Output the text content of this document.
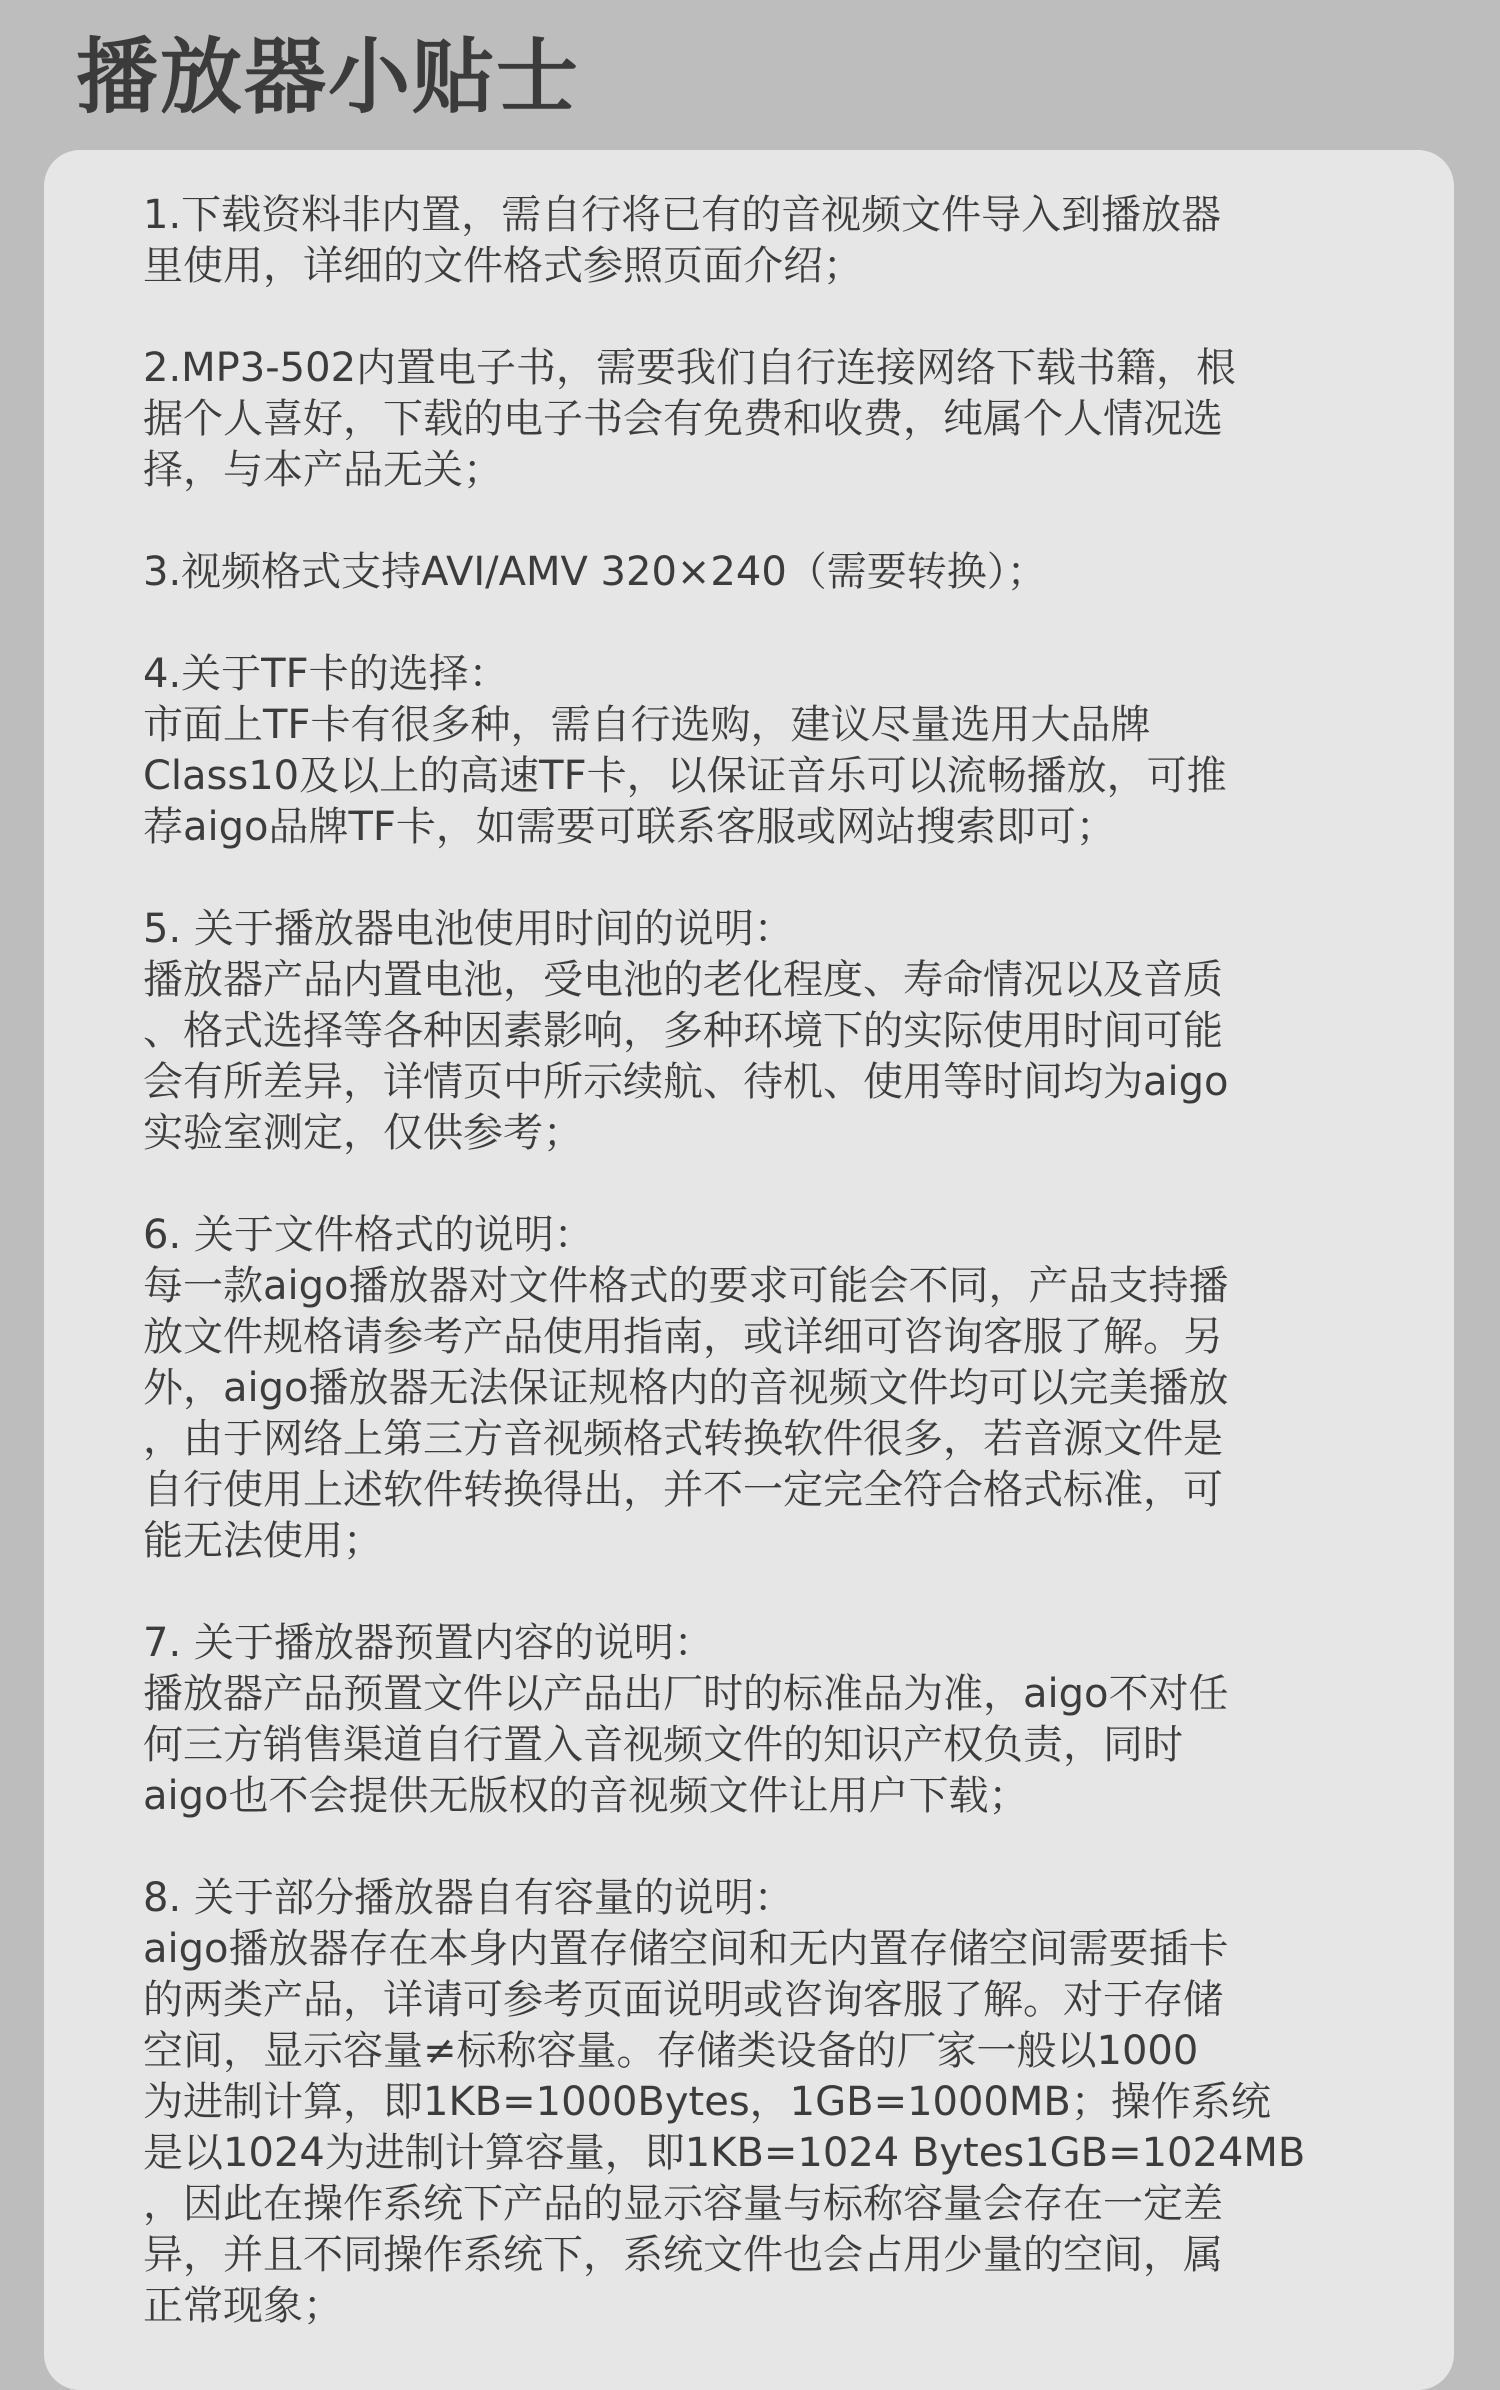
播放器小贴士

1.下载资料非内置，需自行将已有的音视频文件导入到播放器
里使用，详细的文件格式参照页面介绍；

2.MP3-502内置电子书，需要我们自行连接网络下载书籍，根
据个人喜好，下载的电子书会有免费和收费，纯属个人情况选
择，与本产品无关；

3.视频格式支持AVI/AMV 320×240（需要转换）；

4.关于TF卡的选择：
市面上TF卡有很多种，需自行选购，建议尽量选用大品牌
Class10及以上的高速TF卡，以保证音乐可以流畅播放，可推
荐aigo品牌TF卡，如需要可联系客服或网站搜索即可；

5. 关于播放器电池使用时间的说明：
播放器产品内置电池，受电池的老化程度、寿命情况以及音质
、格式选择等各种因素影响，多种环境下的实际使用时间可能
会有所差异，详情页中所示续航、待机、使用等时间均为aigo
实验室测定，仅供参考；

6. 关于文件格式的说明：
每一款aigo播放器对文件格式的要求可能会不同，产品支持播
放文件规格请参考产品使用指南，或详细可咨询客服了解。另
外，aigo播放器无法保证规格内的音视频文件均可以完美播放
，由于网络上第三方音视频格式转换软件很多，若音源文件是
自行使用上述软件转换得出，并不一定完全符合格式标准，可
能无法使用；

7. 关于播放器预置内容的说明：
播放器产品预置文件以产品出厂时的标准品为准，aigo不对任
何三方销售渠道自行置入音视频文件的知识产权负责，同时
aigo也不会提供无版权的音视频文件让用户下载；

8. 关于部分播放器自有容量的说明：
aigo播放器存在本身内置存储空间和无内置存储空间需要插卡
的两类产品，详请可参考页面说明或咨询客服了解。对于存储
空间，显示容量≠标称容量。存储类设备的厂家一般以1000
为进制计算，即1KB=1000Bytes，1GB=1000MB；操作系统
是以1024为进制计算容量，即1KB=1024 Bytes1GB=1024MB
，因此在操作系统下产品的显示容量与标称容量会存在一定差
异，并且不同操作系统下，系统文件也会占用少量的空间，属
正常现象；
